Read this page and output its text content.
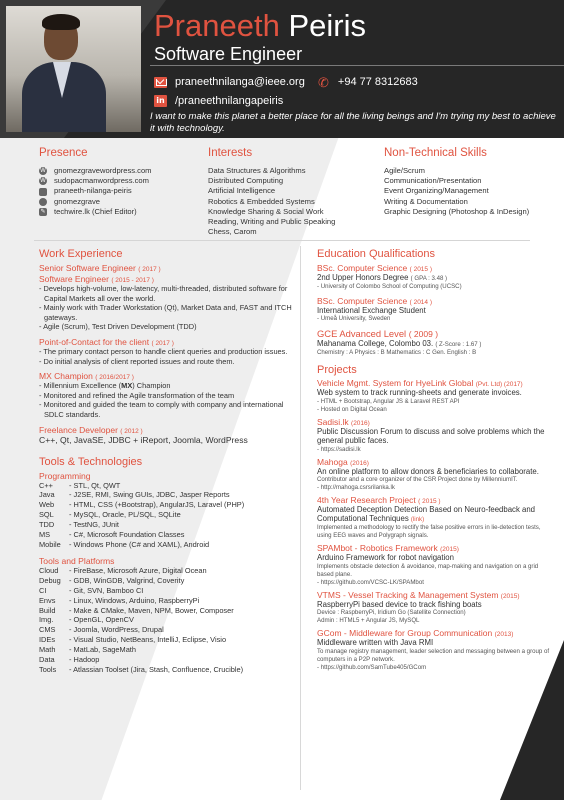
Praneeth Peiris
Software Engineer
praneethnilanga@ieee.org ✆ +94 77 8312683
in /praneethnilangapeiris
I want to make this planet a better place for all the living beings and I'm trying my best to achieve it with technology.
Presence
W gnomezgravewordpress.com
W sudopacmanwordpress.com
praneeth-nilanga-peiris
gnomezgrave
✎ techwire.lk (Chief Editor)
Interests
Data Structures & Algorithms
Distributed Computing
Artificial Intelligence
Robotics & Embedded Systems
Knowledge Sharing & Social Work
Reading, Writing and Public Speaking
Chess, Carom
Non-Technical Skills
Agile/Scrum
Communication/Presentation
Event Organizing/Management
Writing & Documentation
Graphic Designing (Photoshop & InDesign)
Work Experience
Senior Software Engineer ( 2017 )
Software Engineer ( 2015 - 2017 )
- Develops high-volume, low-latency, multi-threaded, distributed software for Capital Markets all over the world.
- Mainly work with Trader Workstation (Qt), Market Data and, FAST and ITCH gateways.
- Agile (Scrum), Test Driven Development (TDD)
Point-of-Contact for the client ( 2017 )
- The primary contact person to handle client queries and production issues.
- Do initial analysis of client reported issues and route them.
MX Champion ( 2016/2017 )
- Millennium Excellence (MX) Champion
- Monitored and refined the Agile transformation of the team
- Monitored and guided the team to comply with company and international SDLC standards.
Freelance Developer ( 2012 )
C++, Qt, JavaSE, JDBC + iReport, Joomla, WordPress
Tools & Technologies
Programming
C++	- STL, Qt, QWT
Java	- J2SE, RMI, Swing GUIs, JDBC, Jasper Reports
Web	- HTML, CSS (+Bootstrap), AngularJS, Laravel (PHP)
SQL	- MySQL, Oracle, PL/SQL, SQLite
TDD	- TestNG, JUnit
MS	- C#, Microsoft Foundation Classes
Mobile	- Windows Phone (C# and XAML), Android
Tools and Platforms
Cloud	- FireBase, Microsoft Azure, Digital Ocean
Debug	- GDB, WinGDB, Valgrind, Coverity
CI	- Git, SVN, Bamboo CI
Envs	- Linux, Windows, Arduino, RaspberryPi
Build	- Make & CMake, Maven, NPM, Bower, Composer
Img.	- OpenGL, OpenCV
CMS	- Joomla, WordPress, Drupal
IDEs	- Visual Studio, NetBeans, IntelliJ, Eclipse, Visio
Math	- MatLab, SageMath
Data	- Hadoop
Tools	- Atlassian Toolset (Jira, Stash, Confluence, Crucible)
Education Qualifications
BSc. Computer Science ( 2015 )
2nd Upper Honors Degree ( GPA : 3.48 )
- University of Colombo School of Computing (UCSC)
BSc. Computer Science ( 2014 )
International Exchange Student
- Umeå University, Sweden
GCE Advanced Level ( 2009 )
Mahanama College, Colombo 03. ( Z-Score : 1.67 )
Chemistry : A Physics : B Mathematics : C Gen. English : B
Projects
Vehicle Mgmt. System for HyeLink Global (Pvt. Ltd) (2017)
Web system to track running-sheets and generate invoices.
- HTML + Bootstrap, Angular JS & Laravel REST API
- Hosted on Digital Ocean
Sadisi.lk (2016)
Public Discussion Forum to discuss and solve problems which the general public faces.
- https://sadisi.lk
Mahoga (2016)
An online platform to allow donors & beneficiaries to collaborate.
Contributor and a core organizer of the CSR Project done by MillenniumIT.
- http://mahoga.csrsrilanka.lk
4th Year Research Project ( 2015 )
Automated Deception Detection Based on Neuro-feedback and Computational Techniques (link)
Implemented a methodology to rectify the false positive errors in lie-detection tests, using EEG waves and Polygraph signals.
SPAMbot - Robotics Framework (2015)
Arduino Framework for robot navigation
Implements obstacle detection & avoidance, map-making and navigation on a grid based plane.
- https://github.com/VCSC-LK/SPAMbot
VTMS - Vessel Tracking & Management System (2015)
RaspberryPi based device to track fishing boats
Device : RaspberryPi, Iridium Go (Satellite Connection)
Admin : HTML5 + Angular JS, MySQL
GCom - Middleware for Group Communication (2013)
Middleware written with Java RMI
To manage registry management, leader selection and messaging between a group of computers in a P2P network.
- https://github.com/SamTube405/GCom
